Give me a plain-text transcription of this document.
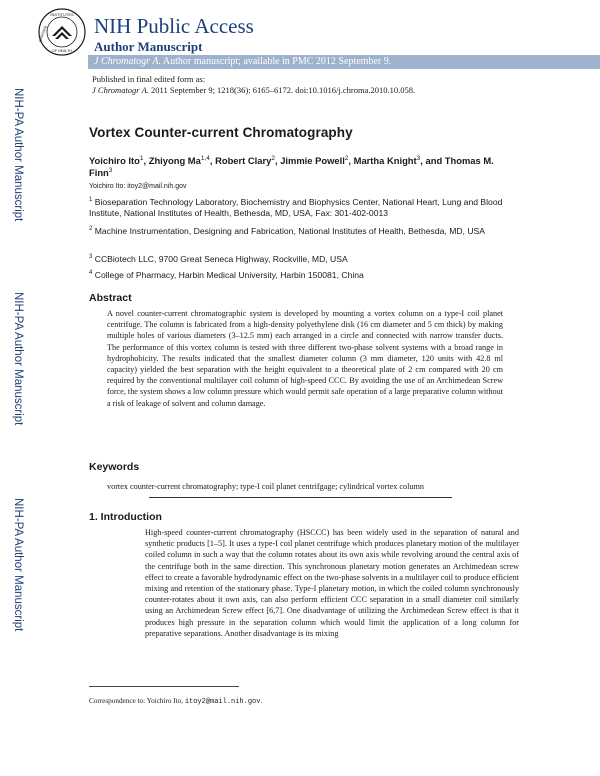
INSTITUTES
NATIONAL
OF HEALTH
NIH Public Access
Author Manuscript
J Chromatogr A. Author manuscript; available in PMC 2012 September 9.
Published in final edited form as:
J Chromatogr A. 2011 September 9; 1218(36): 6165–6172. doi:10.1016/j.chroma.2010.10.058.
NIH-PA Author Manuscript
NIH-PA Author Manuscript
NIH-PA Author Manuscript
Vortex Counter-current Chromatography
Yoichiro Ito$^1$, Zhiyong Ma$^{1,4}$, Robert Clary$^2$, Jimmie Powell$^2$, Martha Knight$^3$, and Thomas M. Finn$^3$
Yoichiro Ito: itoy2@mail.nih.gov
$^1$ Bioseparation Technology Laboratory, Biochemistry and Biophysics Center, National Heart, Lung and Blood Institute, National Institutes of Health, Bethesda, MD, USA, Fax: 301-402-0013
$^2$ Machine Instrumentation, Designing and Fabrication, National Institutes of Health, Bethesda, MD, USA
$^3$ CCBiotech LLC, 9700 Great Seneca Highway, Rockville, MD, USA
$^4$ College of Pharmacy, Harbin Medical University, Harbin 150081, China
Abstract
A novel counter-current chromatographic system is developed by mounting a vortex column on a type-I coil planet centrifuge. The column is fabricated from a high-density polyethylene disk (16 cm diameter and 5 cm thick) by making multiple holes of various diameters (3–12.5 mm) each arranged in a circle and connected with narrow transfer ducts. The performance of this vortex column is tested with three different two-phase solvent systems with a broad range in hydrophobicity. The results indicated that the smallest diameter column (3 mm diameter, 120 units with 42.8 ml capacity) yielded the best separation with the height equivalent to a theoretical plate of 2 cm compared with 20 cm required by the conventional multilayer coil column of high-speed CCC. By avoiding the use of an Archimedean Screw force, the system shows a low column pressure which would permit safe operation of a large preparative column without a risk of leakage of solvent and column damage.
Keywords
vortex counter-current chromatography; type-I coil planet centrifgage; cylindrical vortex column
1. Introduction
High-speed counter-current chromatography (HSCCC) has been widely used in the separation of natural and synthetic products [1–5]. It uses a type-I coil planet centrifuge which produces planetary motion of the multilayer coiled column in such a way that the column rotates about its own axis while revolving around the central axis of the centrifuge both in the same direction. This synchronous planetary motion generates an Archimedean screw effect to create a favorable hydrodynamic effect on the two-phase solvents in a multilayer coil to produce efficient mixing and retention of the stationary phase. Type-I planetary motion, in which the coiled column synchronously counter-rotates about it own axis, can also perform efficient CCC separation in a small diameter coil similarly using an Archimedean Screw effect [6,7]. One disadvantage of utilizing the Archimedean Screw effect is that it produces high pressure in the separation column which would limit the application of a long column for preparative separations. Another disadvantage is its mixing
Correspondence to: Yoichiro Ito, itoy2@mail.nih.gov.
